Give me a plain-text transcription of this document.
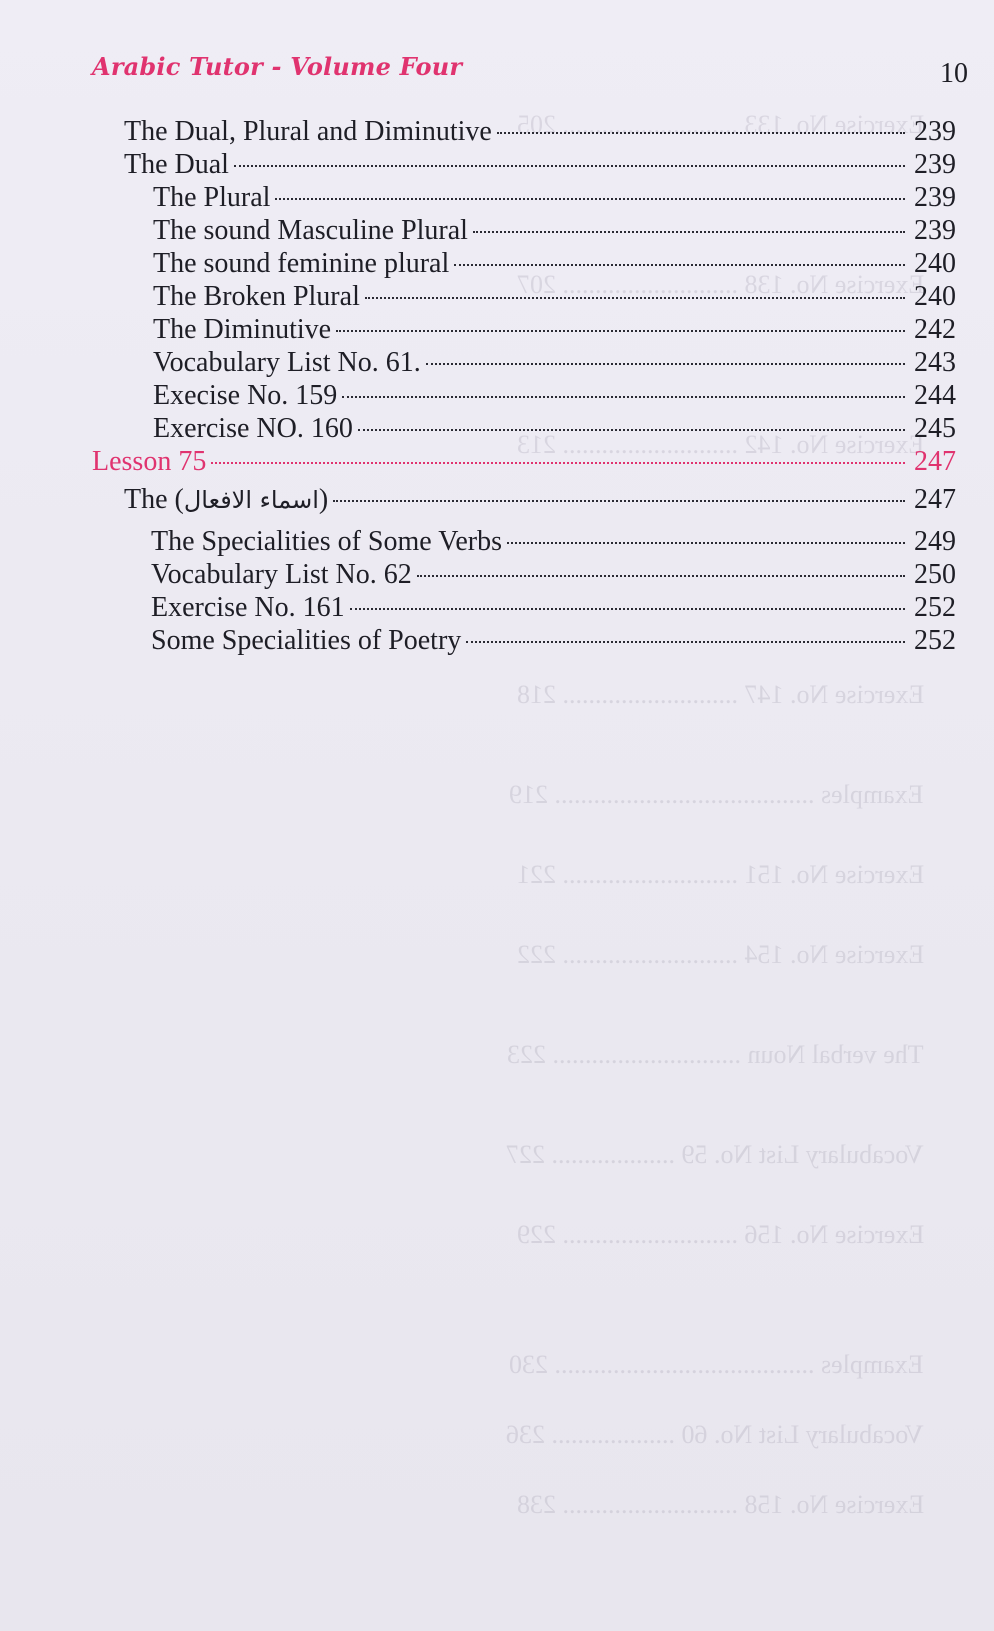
Exercise No. 133 ........................... 205
Exercise No. 138 ........................... 207
Exercise No. 142 ........................... 213
Exercise No. 147 ........................... 218
Examples ........................................ 219
Exercise No. 151 ........................... 221
Exercise No. 154 ........................... 222
The verbal Noun ............................. 223
Vocabulary List No. 59 ................... 227
Exercise No. 156 ........................... 229
Examples ........................................ 230
Vocabulary List No. 60 ................... 236
Exercise No. 158 ........................... 238
Arabic Tutor - Volume Four	10
The Dual, Plural and Diminutive	239
The Dual	239
The Plural	239
The sound Masculine Plural	239
The sound feminine plural	240
The Broken Plural	240
The Diminutive	242
Vocabulary List No. 61.	243
Execise No. 159	244
Exercise NO. 160	245
Lesson 75	247
The (اسماء الافعال)	247
The Specialities of Some Verbs	249
Vocabulary List No. 62	250
Exercise No. 161	252
Some Specialities of Poetry	252
